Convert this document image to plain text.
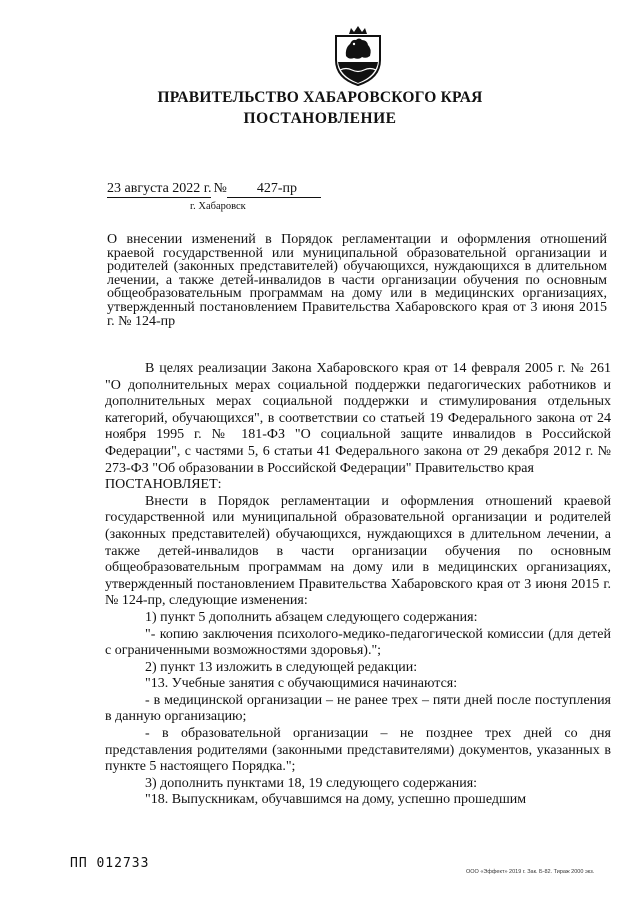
ПРАВИТЕЛЬСТВО ХАБАРОВСКОГО КРАЯ
ПОСТАНОВЛЕНИЕ
23 августа 2022 г. № 427-пр
г. Хабаровск
О внесении изменений в Порядок регламентации и оформления отношений краевой государственной или муниципальной образовательной организации и родителей (законных представителей) обучающихся, нуждающихся в длительном лечении, а также детей-инвалидов в части организации обучения по основным общеобразовательным программам на дому или в медицинских организациях, утвержденный постановлением Правительства Хабаровского края от 3 июня 2015 г. № 124-пр

В целях реализации Закона Хабаровского края от 14 февраля 2005 г. № 261 "О дополнительных мерах социальной поддержки педагогических работников и дополнительных мерах социальной поддержки и стимулирования отдельных категорий, обучающихся", в соответствии со статьей 19 Федерального закона от 24 ноября 1995 г. № 181-ФЗ "О социальной защите инвалидов в Российской Федерации", с частями 5, 6 статьи 41 Федерального закона от 29 декабря 2012 г. № 273-ФЗ "Об образовании в Российской Федерации" Правительство края

ПОСТАНОВЛЯЕТ:

Внести в Порядок регламентации и оформления отношений краевой государственной или муниципальной образовательной организации и родителей (законных представителей) обучающихся, нуждающихся в длительном лечении, а также детей-инвалидов в части организации обучения по основным общеобразовательным программам на дому или в медицинских организациях, утвержденный постановлением Правительства Хабаровского края от 3 июня 2015 г. № 124-пр, следующие изменения:

1) пункт 5 дополнить абзацем следующего содержания:

"- копию заключения психолого-медико-педагогической комиссии (для детей с ограниченными возможностями здоровья).";

2) пункт 13 изложить в следующей редакции:

"13. Учебные занятия с обучающимися начинаются:

- в медицинской организации – не ранее трех – пяти дней после поступления в данную организацию;

- в образовательной организации – не позднее трех дней со дня представления родителями (законными представителями) документов, указанных в пункте 5 настоящего Порядка.";

3) дополнить пунктами 18, 19 следующего содержания:

"18. Выпускникам, обучавшимся на дому, успешно прошедшим

ПП 012733
ООО «Эффект» 2019 г. Зак. Б-82. Тираж 2000 экз.
